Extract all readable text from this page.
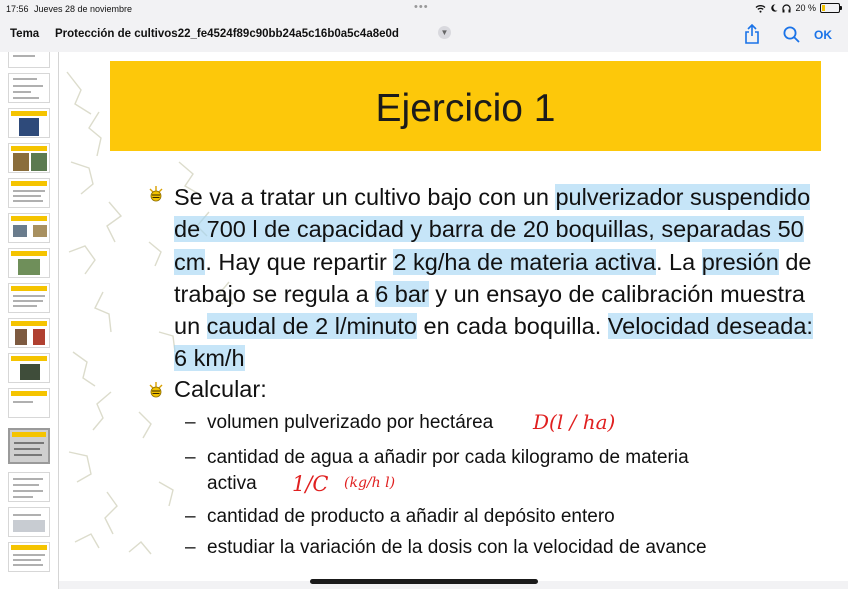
17:56 Jueves 28 de noviembre	•••	20 %
Tema Protección de cultivos22_fe4524f89c90bb24a5c16b0a5c4a8e0d	▼	OK
Ejercicio 1

Se va a tratar un cultivo bajo con un pulverizador suspendido de 700 l de capacidad y barra de 20 boquillas, separadas 50 cm. Hay que repartir 2 kg/ha de materia activa. La presión de trabajo se regula a 6 bar y un ensayo de calibración muestra un caudal de 2 l/minuto en cada boquilla. Velocidad deseada: 6 km/h

Calcular:
– volumen pulverizado por hectárea
– cantidad de agua a añadir por cada kilogramo de materia
activa
– cantidad de producto a añadir al depósito entero
– estudiar la variación de la dosis con la velocidad de avance
D(l / ha)
1/C (kg/h l)
